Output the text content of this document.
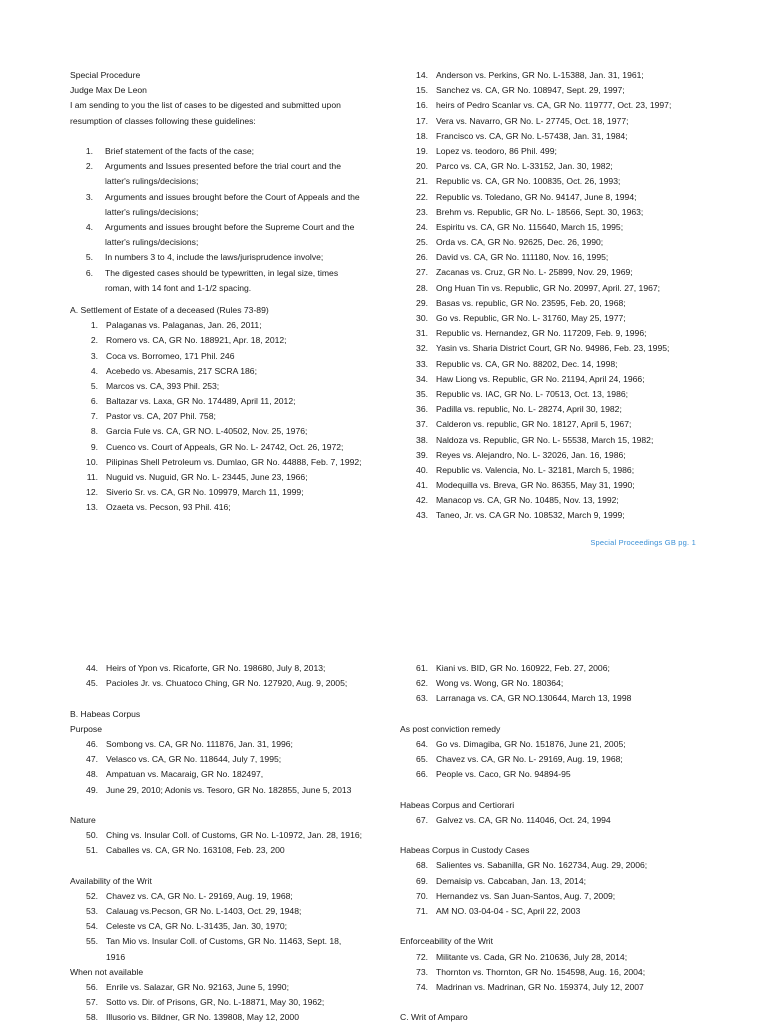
Special Procedure
Judge Max De Leon
I am sending to you the list of cases to be digested and submitted upon
resumption of classes following these guidelines:
1. Brief statement of the facts of the case;
2. Arguments and Issues presented before the trial court and the
latter's rulings/decisions;
3. Arguments and issues brought before the Court of Appeals and the
latter's rulings/decisions;
4. Arguments and issues brought before the Supreme Court and the
latter's rulings/decisions;
5. In numbers 3 to 4, include the laws/jurisprudence involve;
6. The digested cases should be typewritten, in legal size, times
roman, with 14 font and 1-1/2 spacing.
A. Settlement of Estate of a deceased (Rules 73-89)
1. Palaganas vs. Palaganas, Jan. 26, 2011;
2. Romero vs. CA, GR No. 188921, Apr. 18, 2012;
3. Coca vs. Borromeo, 171 Phil. 246
4. Acebedo vs. Abesamis, 217 SCRA 186;
5. Marcos vs. CA, 393 Phil. 253;
6. Baltazar vs. Laxa, GR No. 174489, April 11, 2012;
7. Pastor vs. CA, 207 Phil. 758;
8. Garcia Fule vs. CA, GR NO. L-40502, Nov. 25, 1976;
9. Cuenco vs. Court of Appeals, GR No. L- 24742, Oct. 26, 1972;
10. Pilipinas Shell Petroleum vs. Dumlao, GR No. 44888, Feb. 7, 1992;
11. Nuguid vs. Nuguid, GR No. L- 23445, June 23, 1966;
12. Siverio Sr. vs. CA, GR No. 109979, March 11, 1999;
13. Ozaeta vs. Pecson, 93 Phil. 416;
14. Anderson vs. Perkins, GR No. L-15388, Jan. 31, 1961;
15. Sanchez vs. CA, GR No. 108947, Sept. 29, 1997;
16. heirs of Pedro Scanlar vs. CA, GR No. 119777, Oct. 23, 1997;
17. Vera vs. Navarro, GR No. L- 27745, Oct. 18, 1977;
18. Francisco vs. CA, GR No. L-57438, Jan. 31, 1984;
19. Lopez vs. teodoro, 86 Phil. 499;
20. Parco vs. CA, GR No. L-33152, Jan. 30, 1982;
21. Republic vs. CA, GR No. 100835, Oct. 26, 1993;
22. Republic vs. Toledano, GR No. 94147, June 8, 1994;
23. Brehm vs. Republic, GR No. L- 18566, Sept. 30, 1963;
24. Espiritu vs. CA, GR No. 115640, March 15, 1995;
25. Orda vs. CA, GR No. 92625, Dec. 26, 1990;
26. David vs. CA, GR No. 111180, Nov. 16, 1995;
27. Zacanas vs. Cruz, GR No. L- 25899, Nov. 29, 1969;
28. Ong Huan Tin vs. Republic, GR No. 20997, April. 27, 1967;
29. Basas vs. republic, GR No. 23595, Feb. 20, 1968;
30. Go vs. Republic, GR No. L- 31760, May 25, 1977;
31. Republic vs. Hernandez, GR No. 117209, Feb. 9, 1996;
32. Yasin vs. Sharia District Court, GR No. 94986, Feb. 23, 1995;
33. Republic vs. CA, GR No. 88202, Dec. 14, 1998;
34. Haw Liong vs. Republic, GR No. 21194, April 24, 1966;
35. Republic vs. IAC, GR No. L- 70513, Oct. 13, 1986;
36. Padilla vs. republic, No. L- 28274, April 30, 1982;
37. Calderon vs. republic, GR No. 18127, April 5, 1967;
38. Naldoza vs. Republic, GR No. L- 55538, March 15, 1982;
39. Reyes vs. Alejandro, No. L- 32026, Jan. 16, 1986;
40. Republic vs. Valencia, No. L- 32181, March 5, 1986;
41. Modequilla vs. Breva, GR No. 86355, May 31, 1990;
42. Manacop vs. CA, GR No. 10485, Nov. 13, 1992;
43. Taneo, Jr. vs. CA GR No. 108532, March 9, 1999;
Special Proceedings GB pg. 1
44. Heirs of Ypon vs. Ricaforte, GR No. 198680, July 8, 2013;
45. Pacioles Jr. vs. Chuatoco Ching, GR No. 127920, Aug. 9, 2005;
B. Habeas Corpus
Purpose
46. Sombong vs. CA, GR No. 111876, Jan. 31, 1996;
47. Velasco vs. CA, GR No. 118644, July 7, 1995;
48. Ampatuan vs. Macaraig, GR No. 182497,
49. June 29, 2010; Adonis vs. Tesoro, GR No. 182855, June 5, 2013
Nature
50. Ching vs. Insular Coll. of Customs, GR No. L-10972, Jan. 28, 1916;
51. Caballes vs. CA, GR No. 163108, Feb. 23, 200
Availability of the Writ
52. Chavez vs. CA, GR No. L- 29169, Aug. 19, 1968;
53. Calauag vs.Pecson, GR No. L-1403, Oct. 29, 1948;
54. Celeste vs CA, GR No. L-31435, Jan. 30, 1970;
55. Tan Mio vs. Insular Coll. of Customs, GR No. 11463, Sept. 18,
1916
When not available
56. Enrile vs. Salazar, GR No. 92163, June 5, 1990;
57. Sotto vs. Dir. of Prisons, GR, No. L-18871, May 30, 1962;
58. Illusorio vs. Bildner, GR No. 139808, May 12, 2000
61. Kiani vs. BID, GR No. 160922, Feb. 27, 2006;
62. Wong vs. Wong, GR No. 180364;
63. Larranaga vs. CA, GR NO.130644, March 13, 1998
As post conviction remedy
64. Go vs. Dimagiba, GR No. 151876, June 21, 2005;
65. Chavez vs. CA, GR No. L- 29169, Aug. 19, 1968;
66. People vs. Caco, GR No. 94894-95
Habeas Corpus and Certiorari
67. Galvez vs. CA, GR No. 114046, Oct. 24, 1994
Habeas Corpus in Custody Cases
68. Salientes vs. Sabanilla, GR No. 162734, Aug. 29, 2006;
69. Demaisip vs. Cabcaban, Jan. 13, 2014;
70. Hernandez vs. San Juan-Santos, Aug. 7, 2009;
71. AM NO. 03-04-04 - SC, April 22, 2003
Enforceability of the Writ
72. Militante vs. Cada, GR No. 210636, July 28, 2014;
73. Thornton vs. Thornton, GR No. 154598, Aug. 16, 2004;
74. Madrinan vs. Madrinan, GR No. 159374, July 12, 2007
C. Writ of Amparo
